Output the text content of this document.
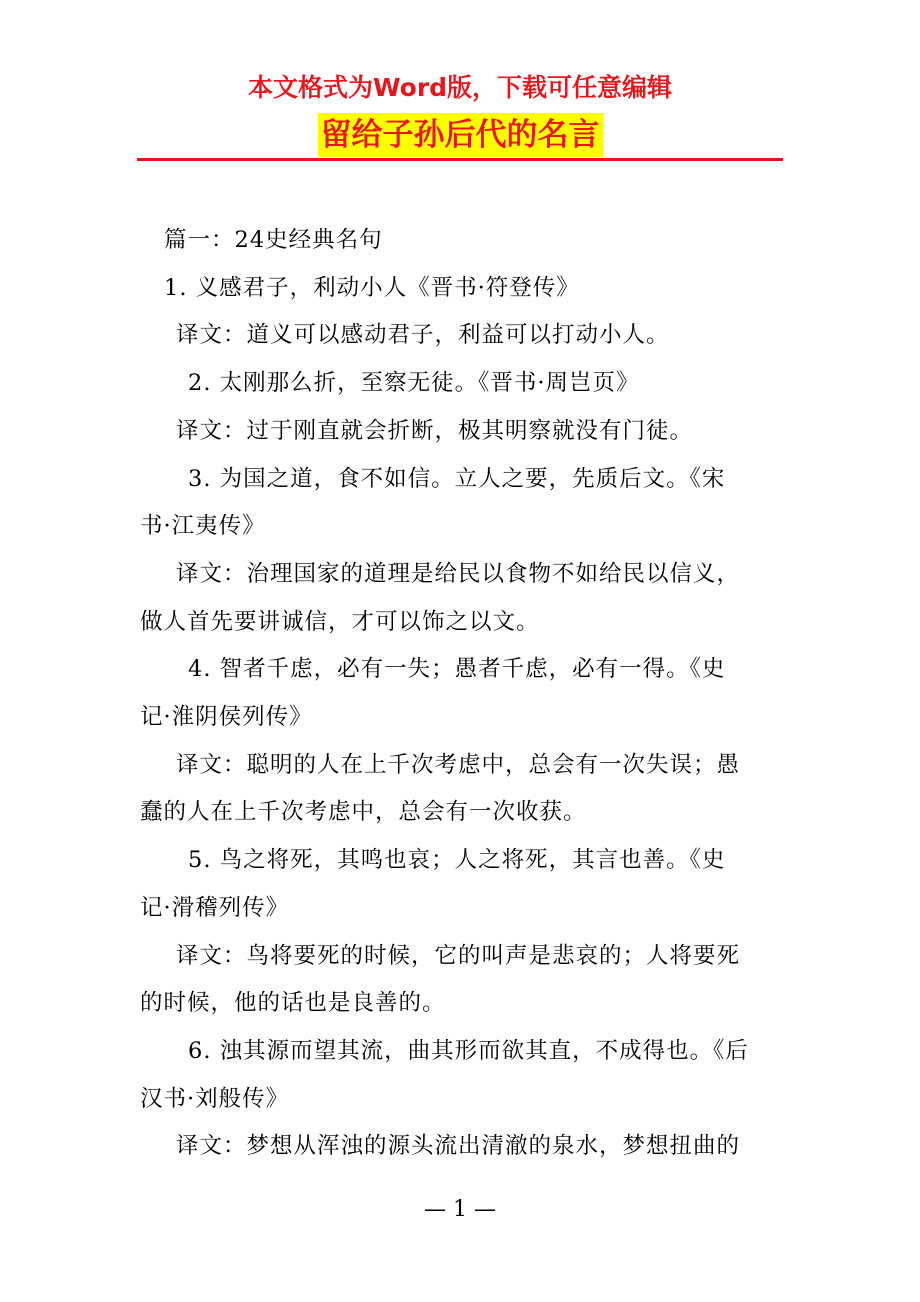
本文格式为Word版，下载可任意编辑
留给子孙后代的名言

篇一：24史经典名句

1. 义感君子，利动小人《晋书·符登传》

译文：道义可以感动君子，利益可以打动小人。

2. 太刚那么折，至察无徒。《晋书·周岂页》

译文：过于刚直就会折断，极其明察就没有门徒。

3. 为国之道，食不如信。立人之要，先质后文。《宋

书·江夷传》

译文：治理国家的道理是给民以食物不如给民以信义，

做人首先要讲诚信，才可以饰之以文。

4. 智者千虑，必有一失；愚者千虑，必有一得。《史

记·淮阴侯列传》

译文：聪明的人在上千次考虑中，总会有一次失误；愚

蠢的人在上千次考虑中，总会有一次收获。

5. 鸟之将死，其鸣也哀；人之将死，其言也善。《史

记·滑稽列传》

译文：鸟将要死的时候，它的叫声是悲哀的；人将要死

的时候，他的话也是良善的。

6. 浊其源而望其流，曲其形而欲其直，不成得也。《后

汉书·刘般传》

译文：梦想从浑浊的源头流出清澈的泉水，梦想扭曲的

— 1 —
